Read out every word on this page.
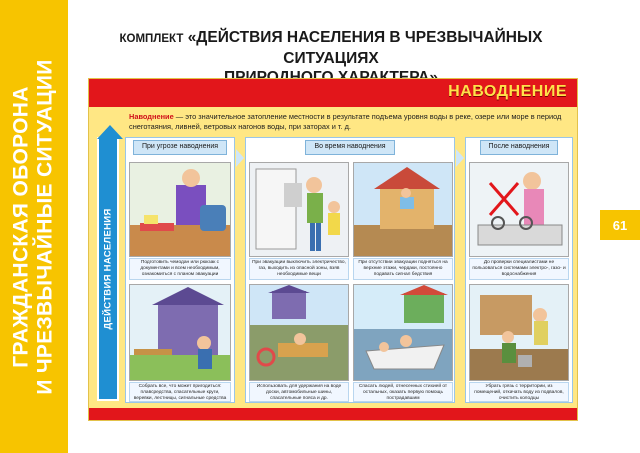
ГРАЖДАНСКАЯ ОБОРОНА И ЧРЕЗВЫЧАЙНЫЕ СИТУАЦИИ	61
КОМПЛЕКТ «ДЕЙСТВИЯ НАСЕЛЕНИЯ В ЧРЕЗВЫЧАЙНЫХ СИТУАЦИЯХ
НАВОДНЕНИЕ
Наводнение — это значительное затопление местности в результате подъема уровня воды в реке, озере или море в период снеготаяния, ливней, ветровых нагонов воды, при заторах и т. д.
ДЕЙСТВИЯ НАСЕЛЕНИЯ
При угрозе наводнения
Подготовить чемодан или рюкзак с документами и всем необходимым, ознакомиться с планом эвакуации
Собрать все, что может пригодиться: плавсредства, спасательные круги, веревки, лестницы, сигнальные средства
Во время наводнения
При эвакуации выключить электричество, газ, выходить из опасной зоны, взяв необходимые вещи
При отсутствии эвакуации подняться на верхние этажи, чердаки, постоянно подавать сигнал бедствия
Использовать для удержания на воде доски, автомобильные шины, спасательные пояса и др.
Спасать людей, отнесенных стихией от остальных, оказать первую помощь пострадавшим
После наводнения
До проверки специалистами не пользоваться системами электро-, газо- и водоснабжения
Убрать грязь с территории, из помещений, откачать воду из подвалов, очистить колодцы
